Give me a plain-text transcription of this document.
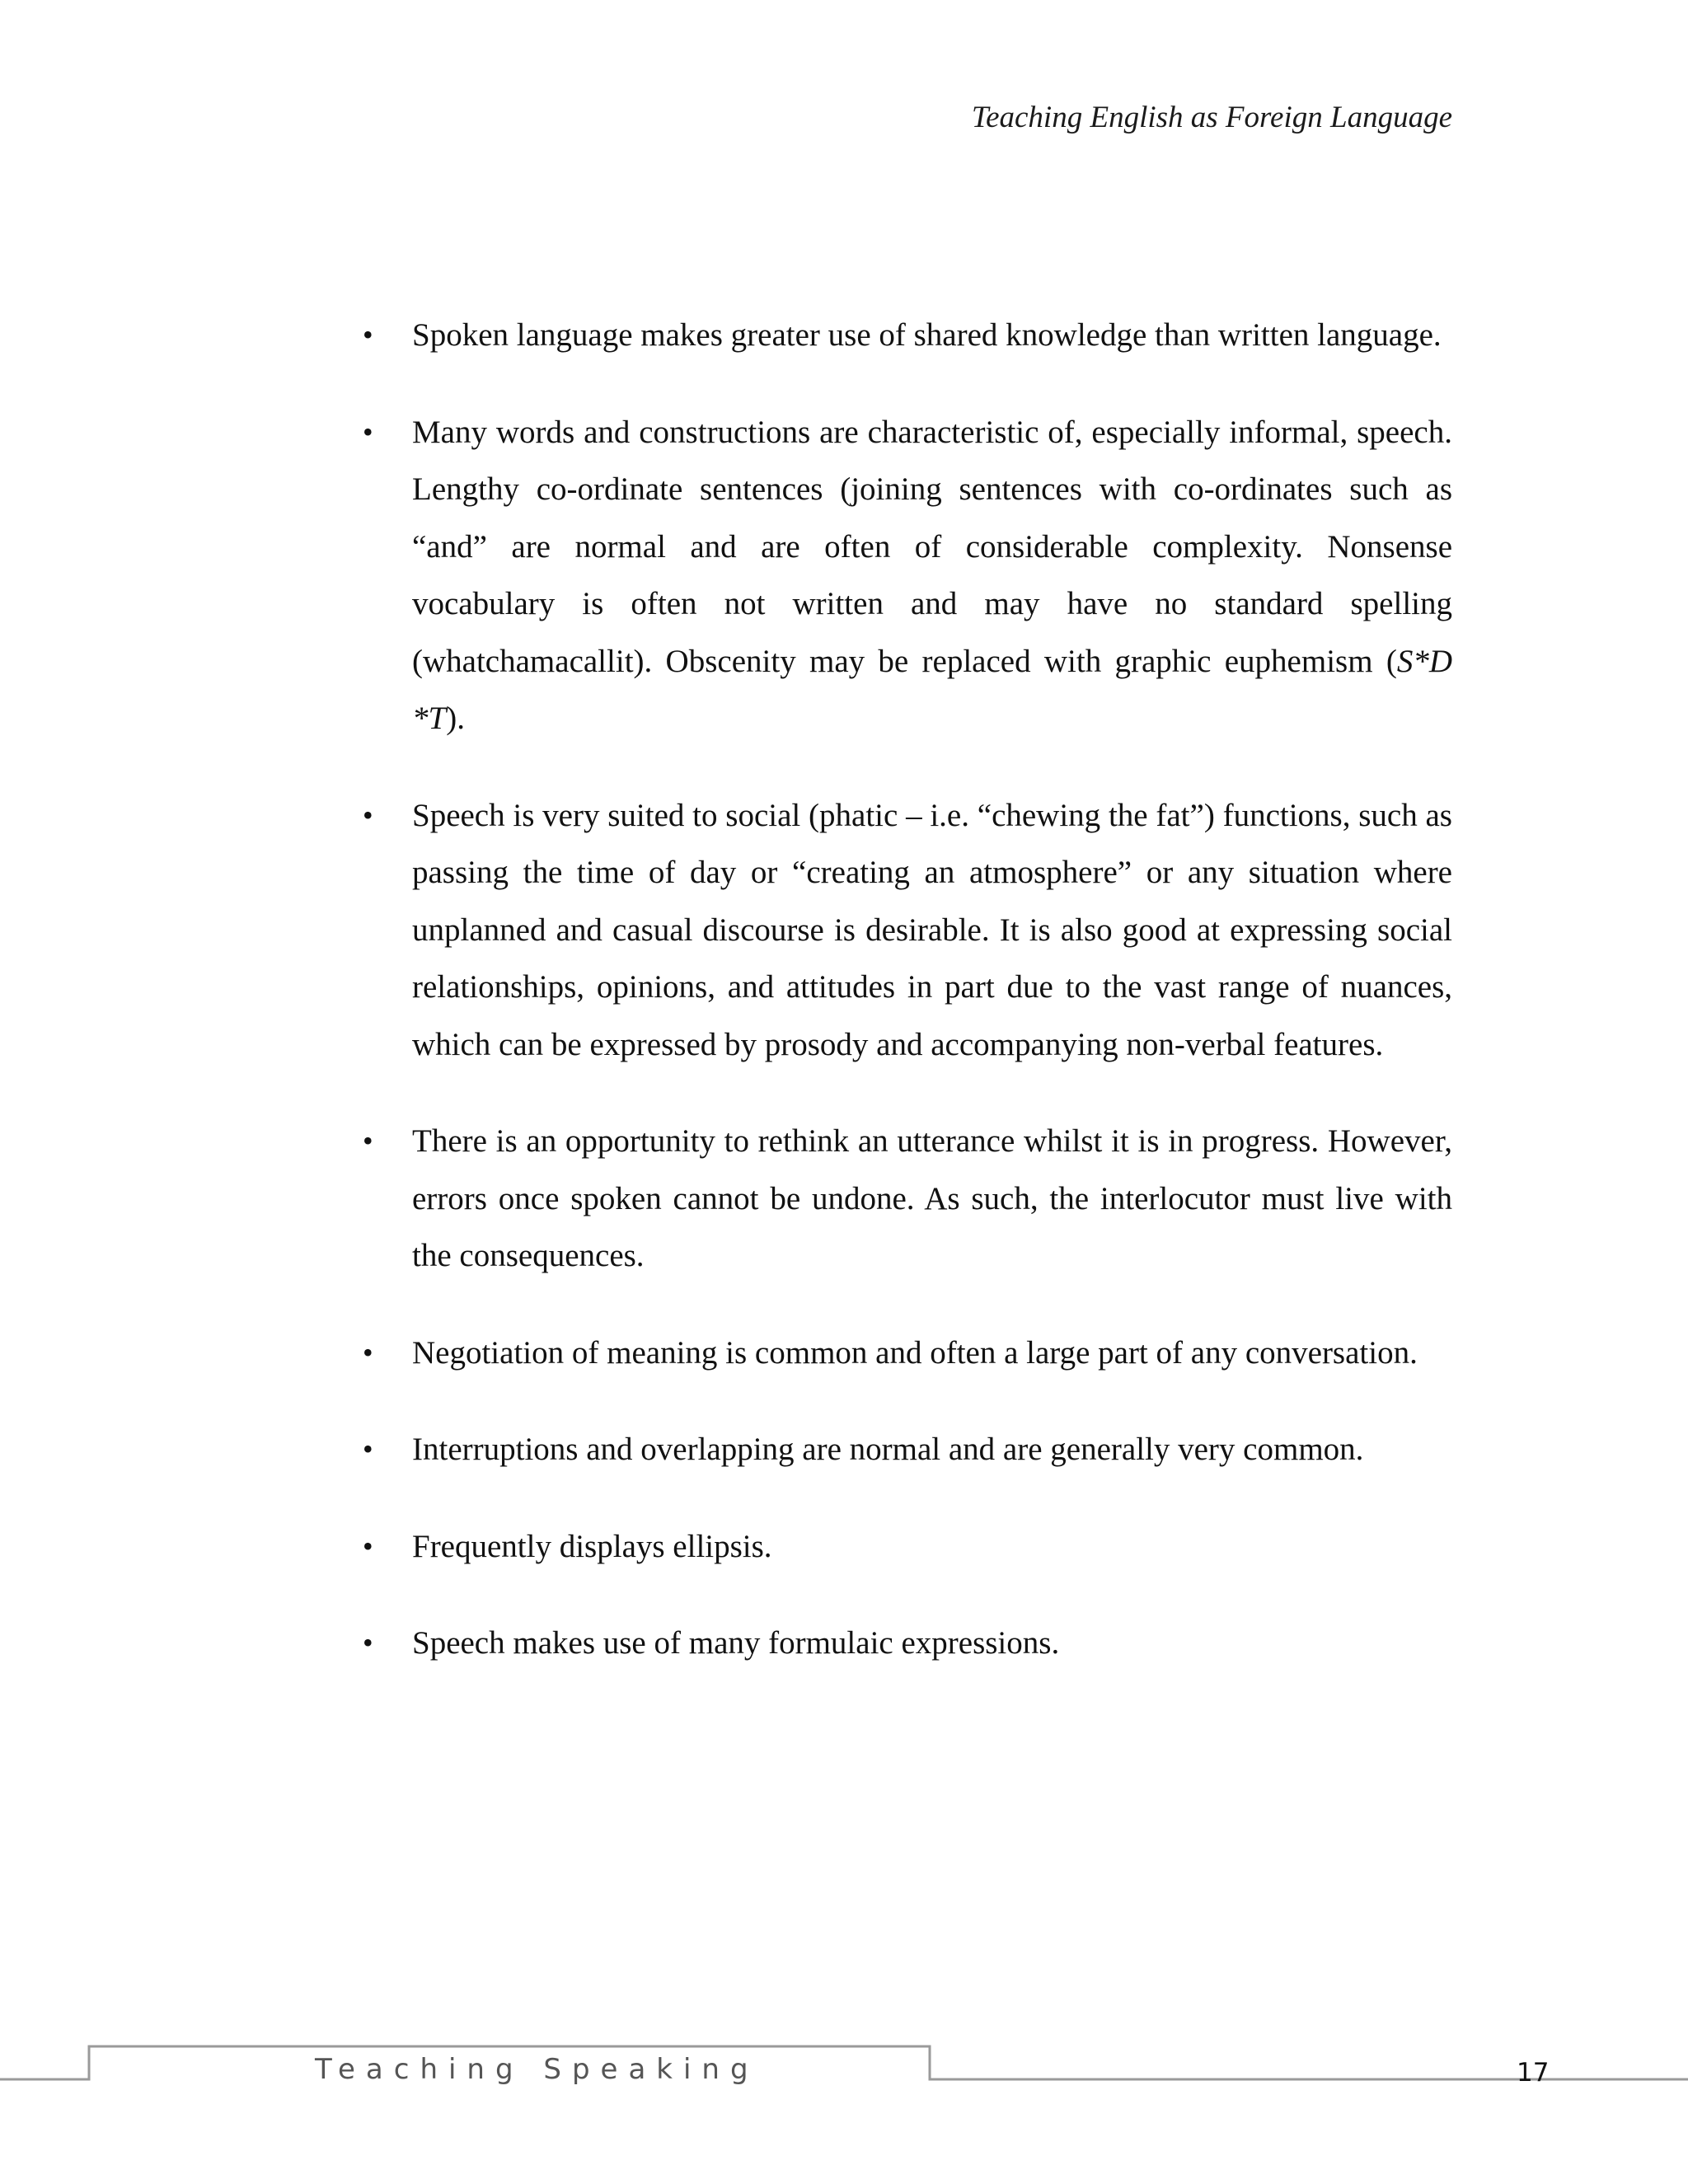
Teaching English as Foreign Language
• Spoken language makes greater use of shared knowledge than written language.
• Many words and constructions are characteristic of, especially informal, speech. Lengthy co-ordinate sentences (joining sentences with co-ordinates such as “and” are normal and are often of considerable complexity. Nonsense vocabulary is often not written and may have no standard spelling (whatchamacallit). Obscenity may be replaced with graphic euphemism (S*D *T).
• Speech is very suited to social (phatic – i.e. “chewing the fat”) functions, such as passing the time of day or “creating an atmosphere” or any situation where unplanned and casual discourse is desirable. It is also good at expressing social relationships, opinions, and attitudes in part due to the vast range of nuances, which can be expressed by prosody and accompanying non-verbal features.
• There is an opportunity to rethink an utterance whilst it is in progress. However, errors once spoken cannot be undone. As such, the interlocutor must live with the consequences.
• Negotiation of meaning is common and often a large part of any conversation.
• Interruptions and overlapping are normal and are generally very common.
• Frequently displays ellipsis.
• Speech makes use of many formulaic expressions.
Teaching Speaking	17
